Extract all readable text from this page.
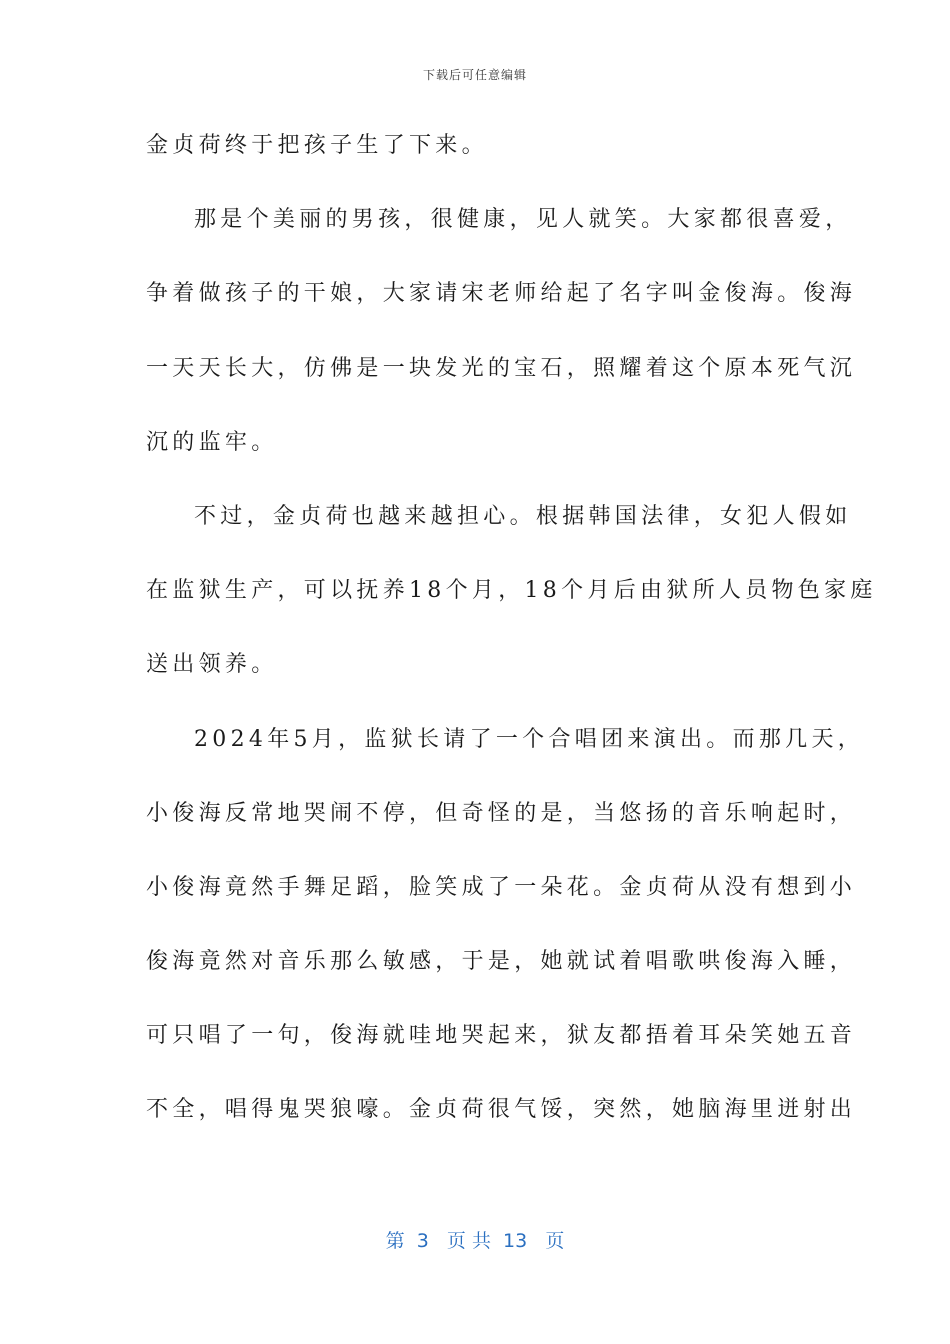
下载后可任意编辑
金贞荷终于把孩子生了下来。
那是个美丽的男孩，很健康，见人就笑。大家都很喜爱，
争着做孩子的干娘，大家请宋老师给起了名字叫金俊海。俊海
一天天长大，仿佛是一块发光的宝石，照耀着这个原本死气沉
沉的监牢。
不过，金贞荷也越来越担心。根据韩国法律，女犯人假如
在监狱生产，可以抚养18个月，18个月后由狱所人员物色家庭
送出领养。
2024年5月，监狱长请了一个合唱团来演出。而那几天，
小俊海反常地哭闹不停，但奇怪的是，当悠扬的音乐响起时，
小俊海竟然手舞足蹈，脸笑成了一朵花。金贞荷从没有想到小
俊海竟然对音乐那么敏感，于是，她就试着唱歌哄俊海入睡，
可只唱了一句，俊海就哇地哭起来，狱友都捂着耳朵笑她五音
不全，唱得鬼哭狼嚎。金贞荷很气馁，突然，她脑海里迸射出
第  3   页 共  13   页
